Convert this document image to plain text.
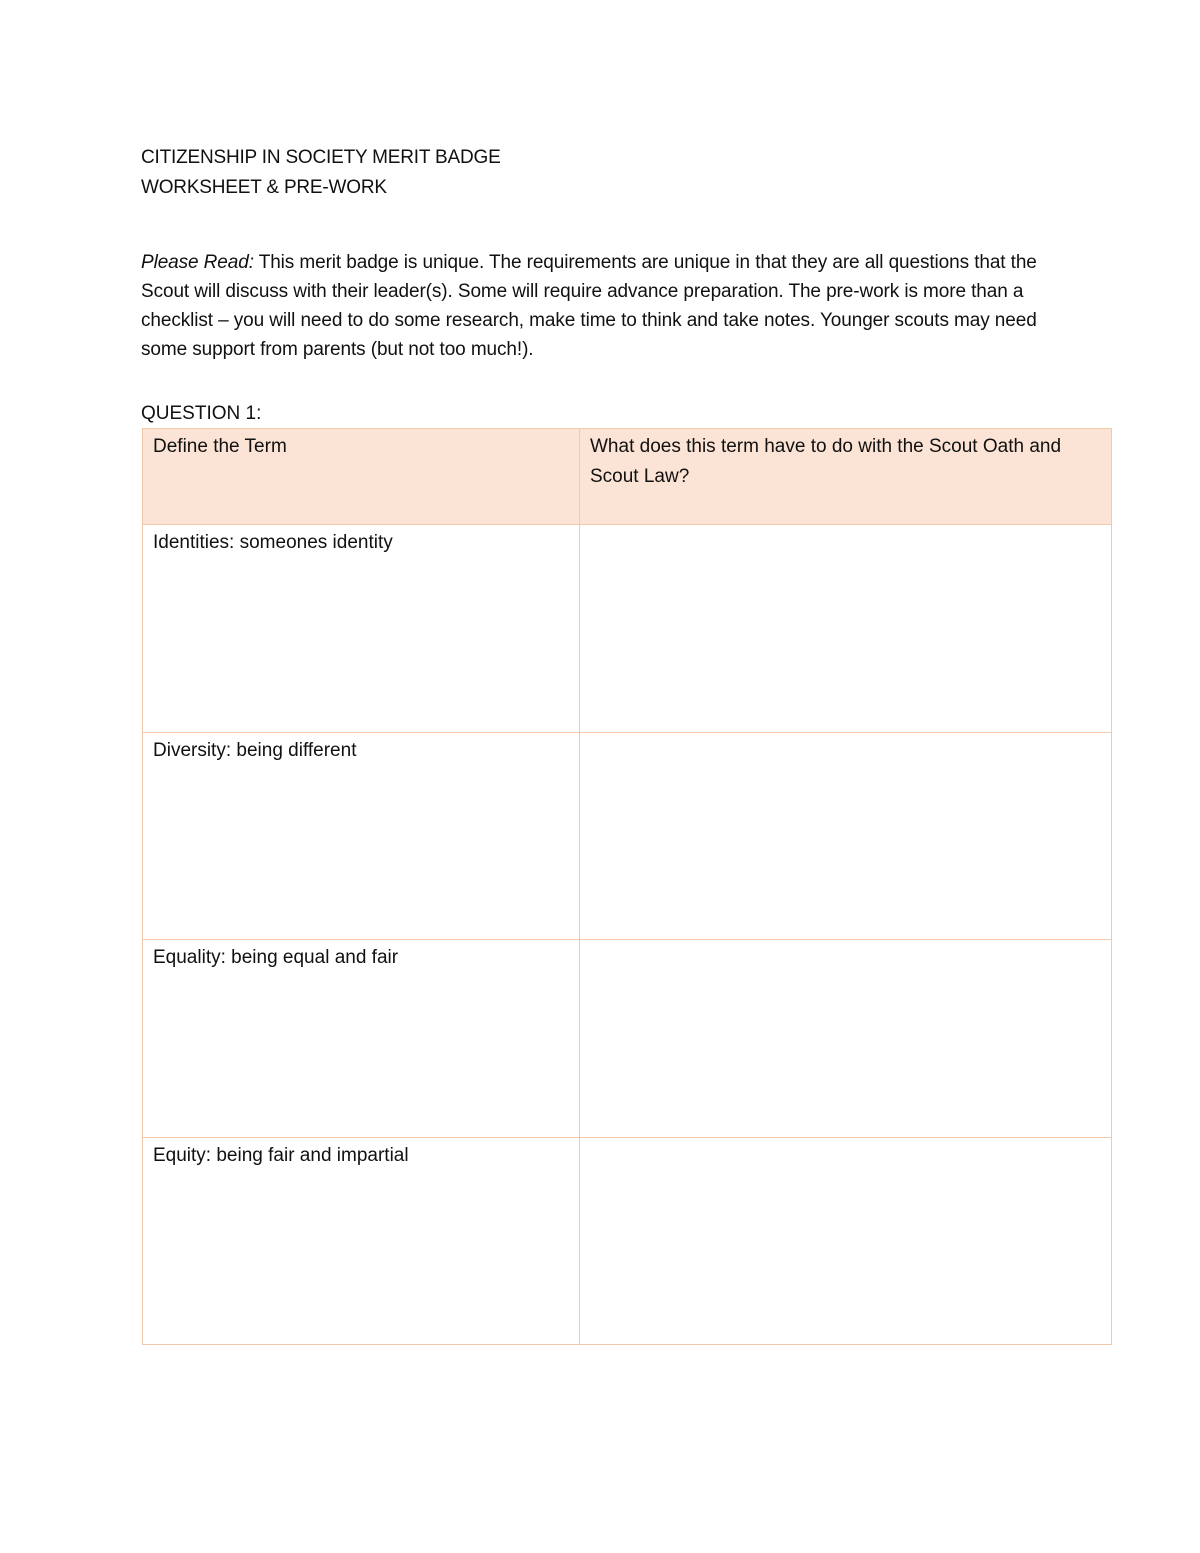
CITIZENSHIP IN SOCIETY MERIT BADGE
WORKSHEET & PRE-WORK

Please Read: This merit badge is unique. The requirements are unique in that they are all questions that the Scout will discuss with their leader(s). Some will require advance preparation. The pre-work is more than a checklist – you will need to do some research, make time to think and take notes. Younger scouts may need some support from parents (but not too much!).

QUESTION 1:
Define the Term	What does this term have to do with the Scout Oath and Scout Law?
Identities: someones identity	
Diversity: being different	
Equality: being equal and fair	
Equity: being fair and impartial	
